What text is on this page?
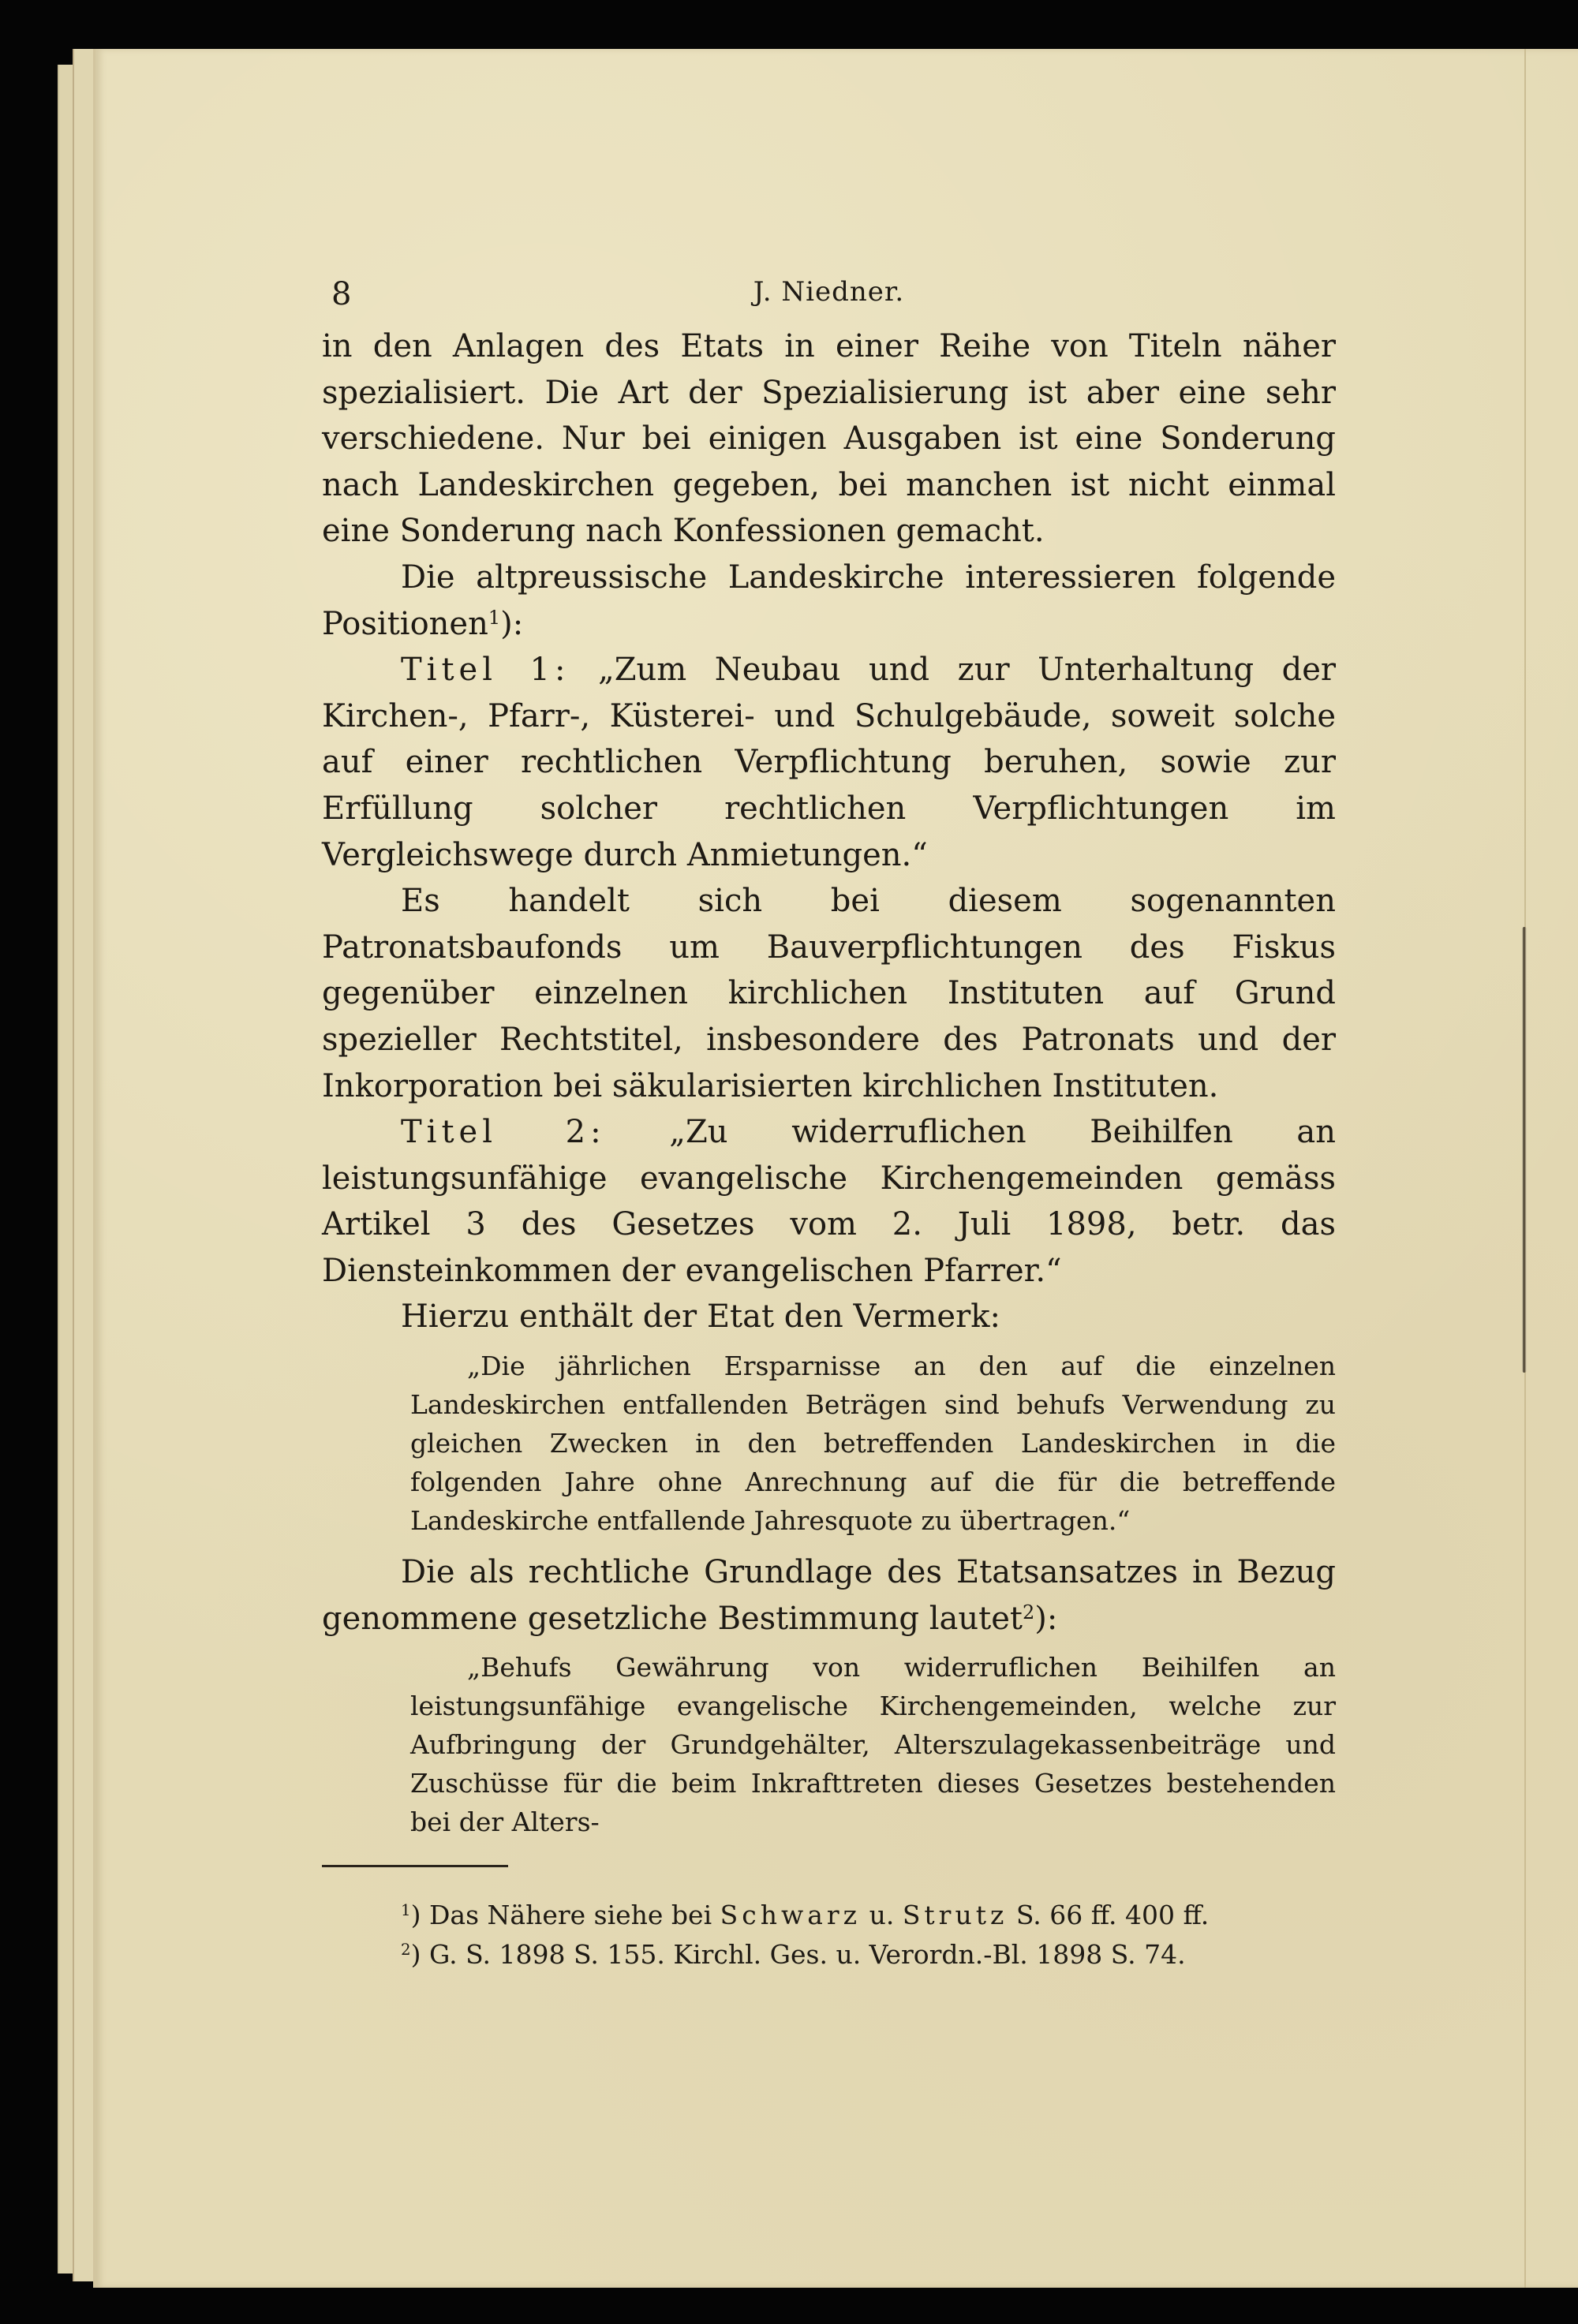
8	J. Niedner.

in den Anlagen des Etats in einer Reihe von Titeln näher spezialisiert. Die Art der Spezialisierung ist aber eine sehr verschiedene. Nur bei einigen Ausgaben ist eine Sonderung nach Landeskirchen gegeben, bei manchen ist nicht einmal eine Sonderung nach Konfessionen gemacht.

Die altpreussische Landeskirche interessieren folgende Positionen$^1$):

Titel 1: „Zum Neubau und zur Unterhaltung der Kirchen-, Pfarr-, Küsterei- und Schulgebäude, soweit solche auf einer rechtlichen Verpflichtung beruhen, sowie zur Erfüllung solcher rechtlichen Verpflichtungen im Vergleichswege durch Anmietungen.“

Es handelt sich bei diesem sogenannten Patronatsbaufonds um Bauverpflichtungen des Fiskus gegenüber einzelnen kirchlichen Instituten auf Grund spezieller Rechtstitel, insbesondere des Patronats und der Inkorporation bei säkularisierten kirchlichen Instituten.

Titel 2: „Zu widerruflichen Beihilfen an leistungsunfähige evangelische Kirchengemeinden gemäss Artikel 3 des Gesetzes vom 2. Juli 1898, betr. das Diensteinkommen der evangelischen Pfarrer.“

Hierzu enthält der Etat den Vermerk:

„Die jährlichen Ersparnisse an den auf die einzelnen Landeskirchen entfallenden Beträgen sind behufs Verwendung zu gleichen Zwecken in den betreffenden Landeskirchen in die folgenden Jahre ohne Anrechnung auf die für die betreffende Landeskirche entfallende Jahresquote zu übertragen.“

Die als rechtliche Grundlage des Etatsansatzes in Bezug genommene gesetzliche Bestimmung lautet$^2$):

„Behufs Gewährung von widerruflichen Beihilfen an leistungsunfähige evangelische Kirchengemeinden, welche zur Aufbringung der Grundgehälter, Alterszulagekassenbeiträge und Zuschüsse für die beim Inkrafttreten dieses Gesetzes bestehenden bei der Alters-

$^1$) Das Nähere siehe bei Schwarz u. Strutz S. 66 ff. 400 ff.
$^2$) G. S. 1898 S. 155. Kirchl. Ges. u. Verordn.-Bl. 1898 S. 74.
